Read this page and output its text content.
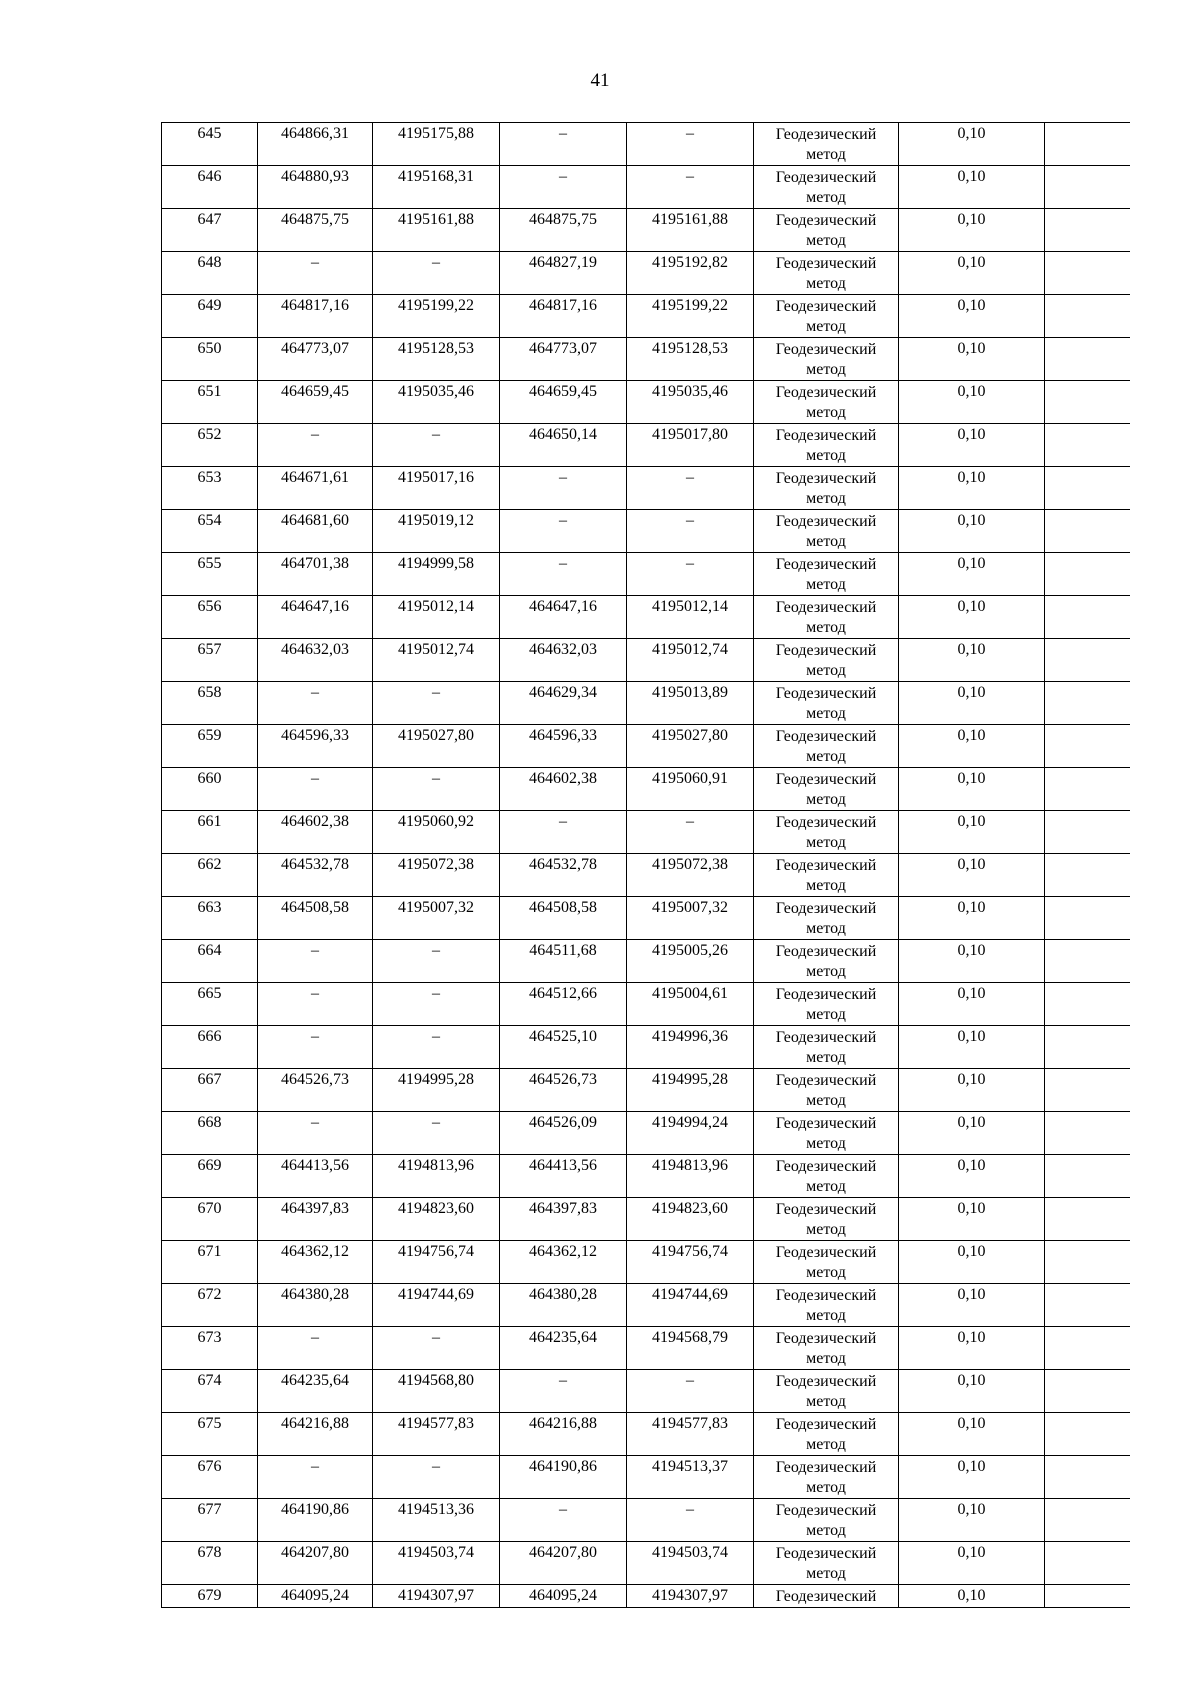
41
645	464866,31	4195175,88	–	–	Геодезический метод	0,10	
646	464880,93	4195168,31	–	–	Геодезический метод	0,10	
647	464875,75	4195161,88	464875,75	4195161,88	Геодезический метод	0,10	
648	–	–	464827,19	4195192,82	Геодезический метод	0,10	
649	464817,16	4195199,22	464817,16	4195199,22	Геодезический метод	0,10	
650	464773,07	4195128,53	464773,07	4195128,53	Геодезический метод	0,10	
651	464659,45	4195035,46	464659,45	4195035,46	Геодезический метод	0,10	
652	–	–	464650,14	4195017,80	Геодезический метод	0,10	
653	464671,61	4195017,16	–	–	Геодезический метод	0,10	
654	464681,60	4195019,12	–	–	Геодезический метод	0,10	
655	464701,38	4194999,58	–	–	Геодезический метод	0,10	
656	464647,16	4195012,14	464647,16	4195012,14	Геодезический метод	0,10	
657	464632,03	4195012,74	464632,03	4195012,74	Геодезический метод	0,10	
658	–	–	464629,34	4195013,89	Геодезический метод	0,10	
659	464596,33	4195027,80	464596,33	4195027,80	Геодезический метод	0,10	
660	–	–	464602,38	4195060,91	Геодезический метод	0,10	
661	464602,38	4195060,92	–	–	Геодезический метод	0,10	
662	464532,78	4195072,38	464532,78	4195072,38	Геодезический метод	0,10	
663	464508,58	4195007,32	464508,58	4195007,32	Геодезический метод	0,10	
664	–	–	464511,68	4195005,26	Геодезический метод	0,10	
665	–	–	464512,66	4195004,61	Геодезический метод	0,10	
666	–	–	464525,10	4194996,36	Геодезический метод	0,10	
667	464526,73	4194995,28	464526,73	4194995,28	Геодезический метод	0,10	
668	–	–	464526,09	4194994,24	Геодезический метод	0,10	
669	464413,56	4194813,96	464413,56	4194813,96	Геодезический метод	0,10	
670	464397,83	4194823,60	464397,83	4194823,60	Геодезический метод	0,10	
671	464362,12	4194756,74	464362,12	4194756,74	Геодезический метод	0,10	
672	464380,28	4194744,69	464380,28	4194744,69	Геодезический метод	0,10	
673	–	–	464235,64	4194568,79	Геодезический метод	0,10	
674	464235,64	4194568,80	–	–	Геодезический метод	0,10	
675	464216,88	4194577,83	464216,88	4194577,83	Геодезический метод	0,10	
676	–	–	464190,86	4194513,37	Геодезический метод	0,10	
677	464190,86	4194513,36	–	–	Геодезический метод	0,10	
678	464207,80	4194503,74	464207,80	4194503,74	Геодезический метод	0,10	
679	464095,24	4194307,97	464095,24	4194307,97	Геодезический	0,10	
